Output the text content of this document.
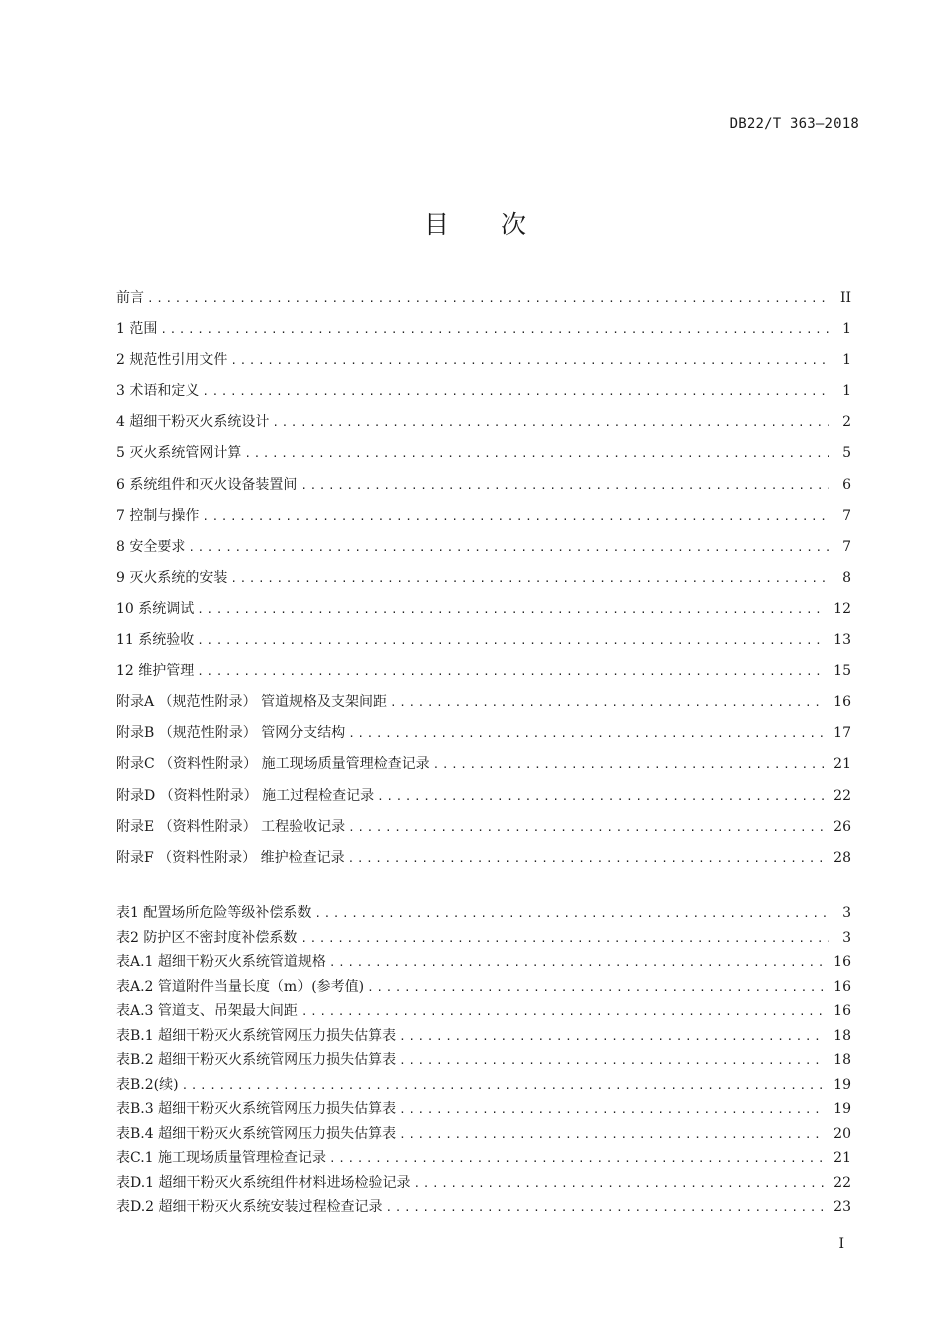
DB22/T 363—2018
目次
前言 .....	II
1 范围 .....	1
2 规范性引用文件 .....	1
3 术语和定义 .....	1
4 超细干粉灭火系统设计 .....	2
5 灭火系统管网计算 .....	5
6 系统组件和灭火设备装置间 .....	6
7 控制与操作 .....	7
8 安全要求 .....	7
9 灭火系统的安装 .....	8
10 系统调试 .....	12
11 系统验收 .....	13
12 维护管理 .....	15
附录A （规范性附录） 管道规格及支架间距 .....	16
附录B （规范性附录） 管网分支结构 .....	17
附录C （资料性附录） 施工现场质量管理检查记录 .....	21
附录D （资料性附录） 施工过程检查记录 .....	22
附录E （资料性附录） 工程验收记录 .....	26
附录F （资料性附录） 维护检查记录 .....	28
表1 配置场所危险等级补偿系数 .....	3
表2 防护区不密封度补偿系数 .....	3
表A.1 超细干粉灭火系统管道规格 .....	16
表A.2 管道附件当量长度（m）(参考值) .....	16
表A.3 管道支、吊架最大间距 .....	16
表B.1 超细干粉灭火系统管网压力损失估算表 .....	18
表B.2 超细干粉灭火系统管网压力损失估算表 .....	18
表B.2(续) .....	19
表B.3 超细干粉灭火系统管网压力损失估算表 .....	19
表B.4 超细干粉灭火系统管网压力损失估算表 .....	20
表C.1 施工现场质量管理检查记录 .....	21
表D.1 超细干粉灭火系统组件材料进场检验记录 .....	22
表D.2 超细干粉灭火系统安装过程检查记录 .....	23
I
